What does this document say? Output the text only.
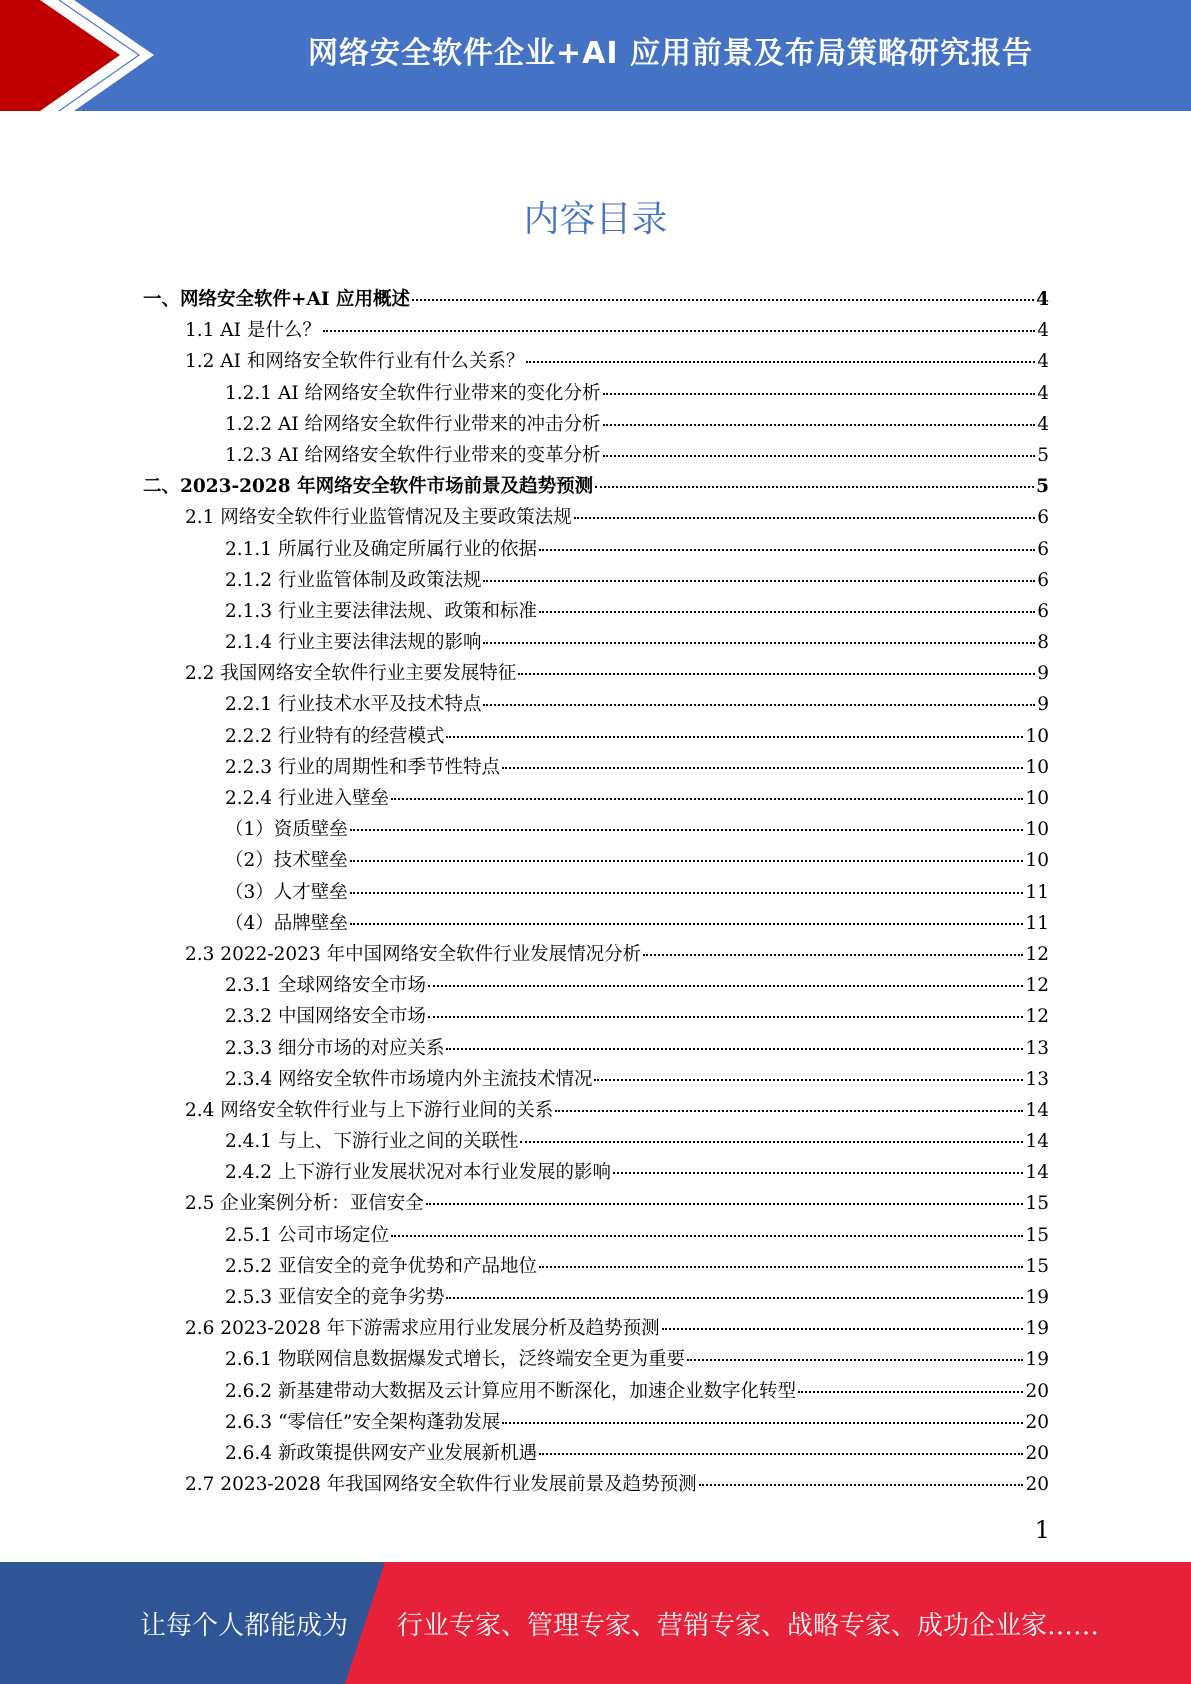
网络安全软件企业+AI 应用前景及布局策略研究报告
内容目录
一、网络安全软件+AI 应用概述	4
1.1 AI 是什么？	4
1.2 AI 和网络安全软件行业有什么关系？	4
1.2.1 AI 给网络安全软件行业带来的变化分析	4
1.2.2 AI 给网络安全软件行业带来的冲击分析	4
1.2.3 AI 给网络安全软件行业带来的变革分析	5
二、2023-2028 年网络安全软件市场前景及趋势预测	5
2.1 网络安全软件行业监管情况及主要政策法规	6
2.1.1 所属行业及确定所属行业的依据	6
2.1.2 行业监管体制及政策法规	6
2.1.3 行业主要法律法规、政策和标准	6
2.1.4 行业主要法律法规的影响	8
2.2 我国网络安全软件行业主要发展特征	9
2.2.1 行业技术水平及技术特点	9
2.2.2 行业特有的经营模式	10
2.2.3 行业的周期性和季节性特点	10
2.2.4 行业进入壁垒	10
（1）资质壁垒	10
（2）技术壁垒	10
（3）人才壁垒	11
（4）品牌壁垒	11
2.3 2022-2023 年中国网络安全软件行业发展情况分析	12
2.3.1 全球网络安全市场	12
2.3.2 中国网络安全市场	12
2.3.3 细分市场的对应关系	13
2.3.4 网络安全软件市场境内外主流技术情况	13
2.4 网络安全软件行业与上下游行业间的关系	14
2.4.1 与上、下游行业之间的关联性	14
2.4.2 上下游行业发展状况对本行业发展的影响	14
2.5 企业案例分析：亚信安全	15
2.5.1 公司市场定位	15
2.5.2 亚信安全的竞争优势和产品地位	15
2.5.3 亚信安全的竞争劣势	19
2.6 2023-2028 年下游需求应用行业发展分析及趋势预测	19
2.6.1 物联网信息数据爆发式增长，泛终端安全更为重要	19
2.6.2 新基建带动大数据及云计算应用不断深化，加速企业数字化转型	20
2.6.3 “零信任”安全架构蓬勃发展	20
2.6.4 新政策提供网安产业发展新机遇	20
2.7 2023-2028 年我国网络安全软件行业发展前景及趋势预测	20
1
让每个人都能成为 行业专家、管理专家、营销专家、战略专家、成功企业家……
